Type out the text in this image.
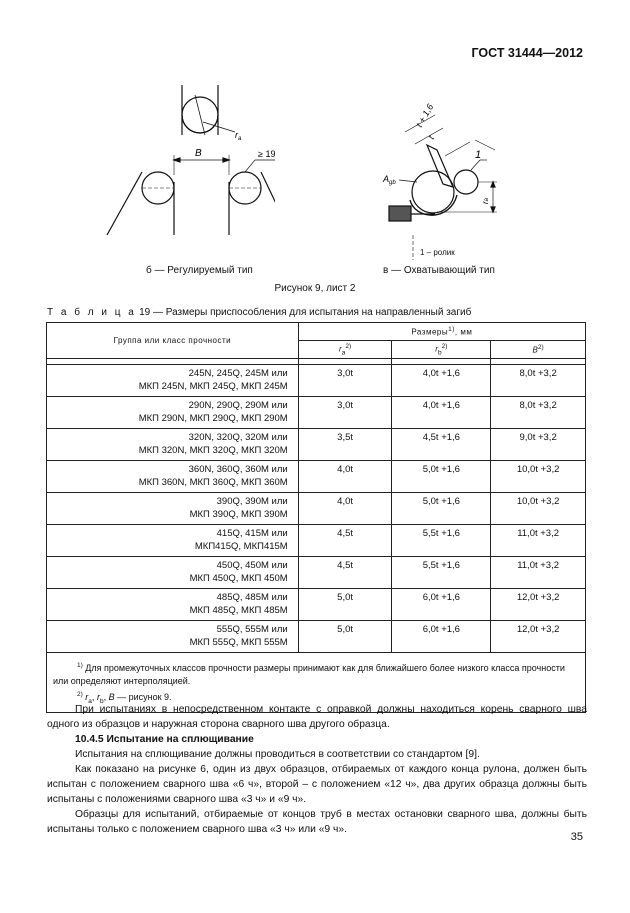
ГОСТ 31444—2012
B
$r_a$
≥ 19
t + 1,6
t
1
$A_{gb}$
ra
1 – ролик
б — Регулируемый тип	в — Охватывающий тип
Рисунок 9, лист 2
Т а б л и ц а 19 — Размеры приспособления для испытания на направленный загиб
Группа или класс прочности	Размеры$^{1)}$, мм		
	$r_a^{2)}$	$r_b^{2)}$	$B^{2)}$

245N, 245Q, 245M или
МКП 245N, МКП 245Q, МКП 245M	3,0t	4,0t +1,6	8,0t +3,2

290N, 290Q, 290M или
МКП 290N, МКП 290Q, МКП 290M	3,0t	4,0t +1,6	8,0t +3,2

320N, 320Q, 320M или
МКП 320N, МКП 320Q, МКП 320M	3,5t	4,5t +1,6	9,0t +3,2

360N, 360Q, 360M или
МКП 360N, МКП 360Q, МКП 360M	4,0t	5,0t +1,6	10,0t +3,2

390Q, 390M или
МКП 390Q, МКП 390M	4,0t	5,0t +1,6	10,0t +3,2

415Q, 415M или
МКП415Q, МКП415M	4,5t	5,5t +1,6	11,0t +3,2

450Q, 450M или
МКП 450Q, МКП 450M	4,5t	5,5t +1,6	11,0t +3,2

485Q, 485M или
МКП 485Q, МКП 485M	5,0t	6,0t +1,6	12,0t +3,2

555Q, 555M или
МКП 555Q, МКП 555M	5,0t	6,0t +1,6	12,0t +3,2

$^{1)}$ Для промежуточных классов прочности размеры принимают как для ближайшего более низкого класса прочности или определяют интерполяцией.
$^{2)}$ $r_a$, $r_b$, B — рисунок 9.			

При испытаниях в непосредственном контакте с оправкой должны находиться корень сварного шва одного из образцов и наружная сторона сварного шва другого образца.

10.4.5 Испытание на сплющивание

Испытания на сплющивание должны проводиться в соответствии со стандартом [9].

Как показано на рисунке 6, один из двух образцов, отбираемых от каждого конца рулона, должен быть испытан с положением сварного шва «6 ч», второй – с положением «12 ч», два других образца должны быть испытаны с положениями сварного шва «3 ч» и «9 ч».

Образцы для испытаний, отбираемые от концов труб в местах остановки сварного шва, должны быть испытаны только с положением сварного шва «3 ч» или «9 ч».

35
